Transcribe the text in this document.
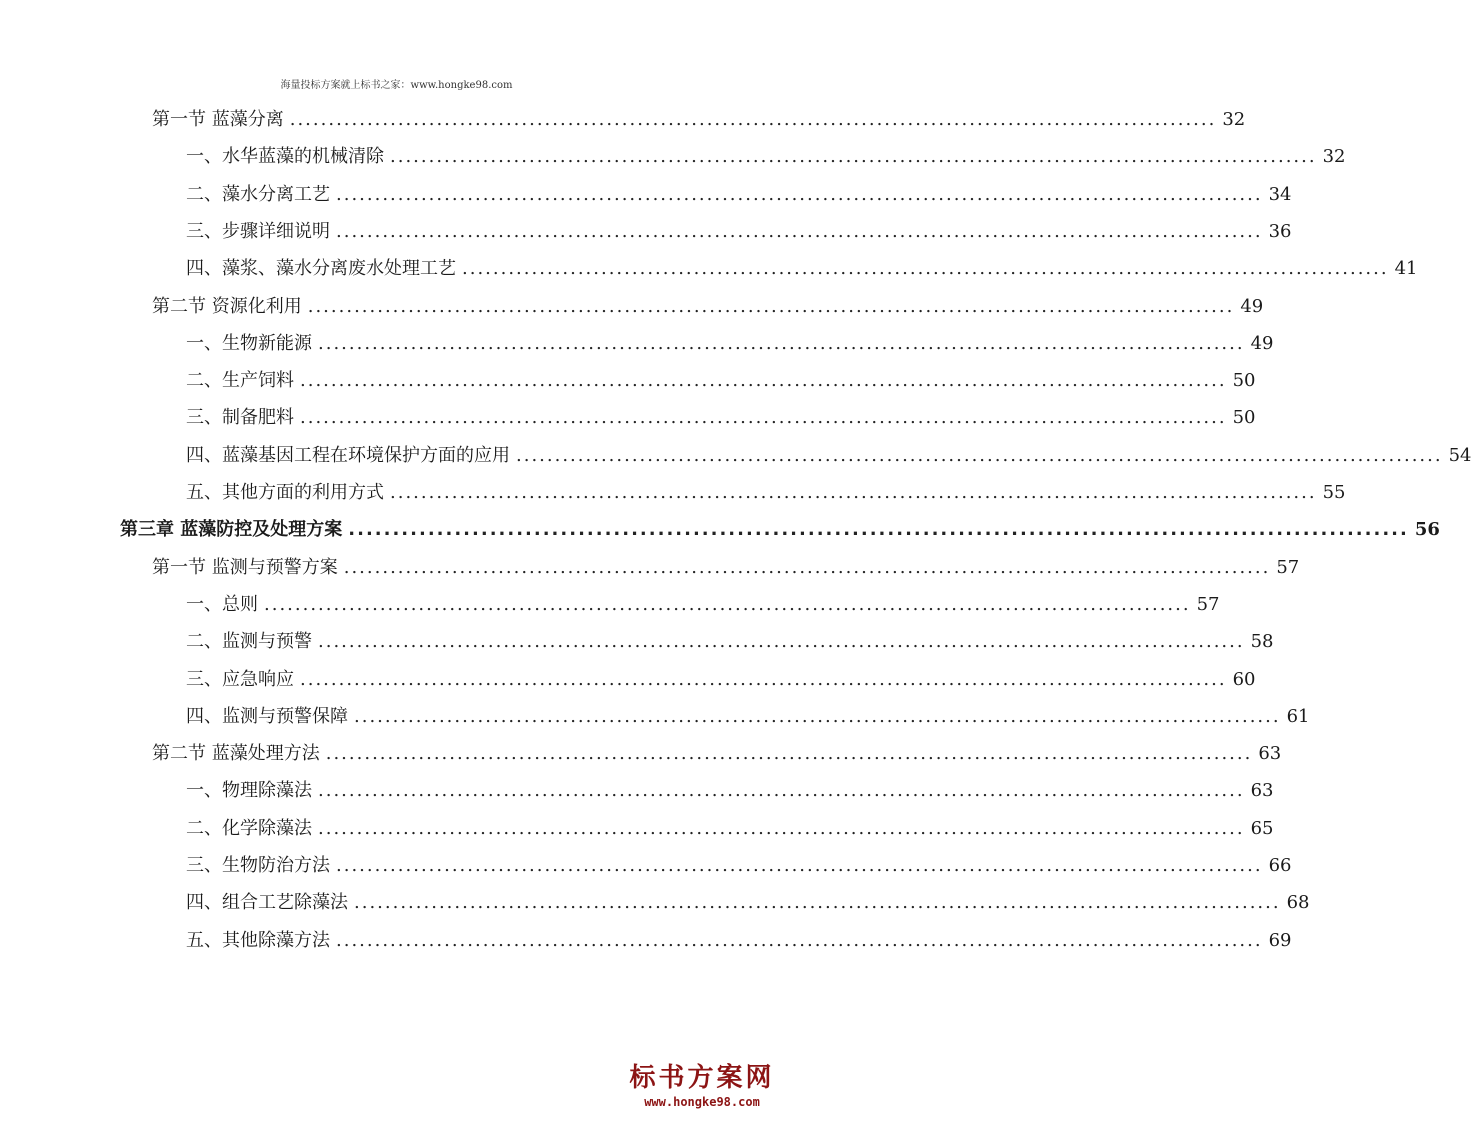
海量投标方案就上标书之家：www.hongke98.com
第一节 蓝藻分离 ........................................................................................................................ 32
一、 水华蓝藻的机械清除 ........................................................................................................................ 32
二、 藻水分离工艺 ........................................................................................................................ 34
三、 步骤详细说明 ........................................................................................................................ 36
四、 藻浆、藻水分离废水处理工艺 ........................................................................................................................ 41
第二节 资源化利用 ........................................................................................................................ 49
一、 生物新能源 ........................................................................................................................ 49
二、 生产饲料 ........................................................................................................................ 50
三、 制备肥料 ........................................................................................................................ 50
四、 蓝藻基因工程在环境保护方面的应用 ........................................................................................................................ 54
五、 其他方面的利用方式 ........................................................................................................................ 55
第三章 蓝藻防控及处理方案 ........................................................................................................................ 56
第一节 监测与预警方案 ........................................................................................................................ 57
一、 总则 ........................................................................................................................ 57
二、 监测与预警 ........................................................................................................................ 58
三、 应急响应 ........................................................................................................................ 60
四、 监测与预警保障 ........................................................................................................................ 61
第二节 蓝藻处理方法 ........................................................................................................................ 63
一、 物理除藻法 ........................................................................................................................ 63
二、 化学除藻法 ........................................................................................................................ 65
三、 生物防治方法 ........................................................................................................................ 66
四、 组合工艺除藻法 ........................................................................................................................ 68
五、 其他除藻方法 ........................................................................................................................ 69
标书方案网
www.hongke98.com
